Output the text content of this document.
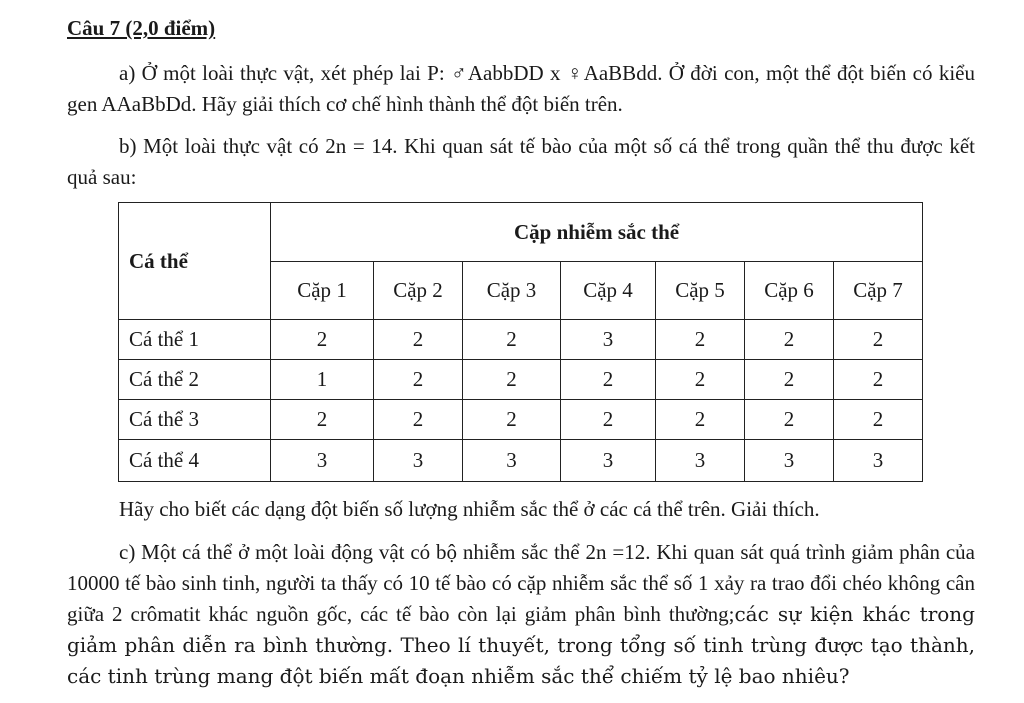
Câu 7 (2,0 điểm)
a) Ở một loài thực vật, xét phép lai P: ♂AabbDD x ♀AaBBdd. Ở đời con, một thể đột biến có kiểu gen AAaBbDd. Hãy giải thích cơ chế hình thành thể đột biến trên.
b) Một loài thực vật có 2n = 14. Khi quan sát tế bào của một số cá thể trong quần thể thu được kết quả sau:
Cá thể	Cặp nhiễm sắc thể						
	Cặp 1	Cặp 2	Cặp 3	Cặp 4	Cặp 5	Cặp 6	Cặp 7
Cá thể 1	2	2	2	3	2	2	2
Cá thể 2	1	2	2	2	2	2	2
Cá thể 3	2	2	2	2	2	2	2
Cá thể 4	3	3	3	3	3	3	3
Hãy cho biết các dạng đột biến số lượng nhiễm sắc thể ở các cá thể trên. Giải thích.
c) Một cá thể ở một loài động vật có bộ nhiễm sắc thể 2n =12. Khi quan sát quá trình giảm phân của 10000 tế bào sinh tinh, người ta thấy có 10 tế bào có cặp nhiễm sắc thể số 1 xảy ra trao đổi chéo không cân giữa 2 crômatit khác nguồn gốc, các tế bào còn lại giảm phân bình thường;các sự kiện khác trong giảm phân diễn ra bình thường. Theo lí thuyết, trong tổng số tinh trùng được tạo thành, các tinh trùng mang đột biến mất đoạn nhiễm sắc thể chiếm tỷ lệ bao nhiêu?
